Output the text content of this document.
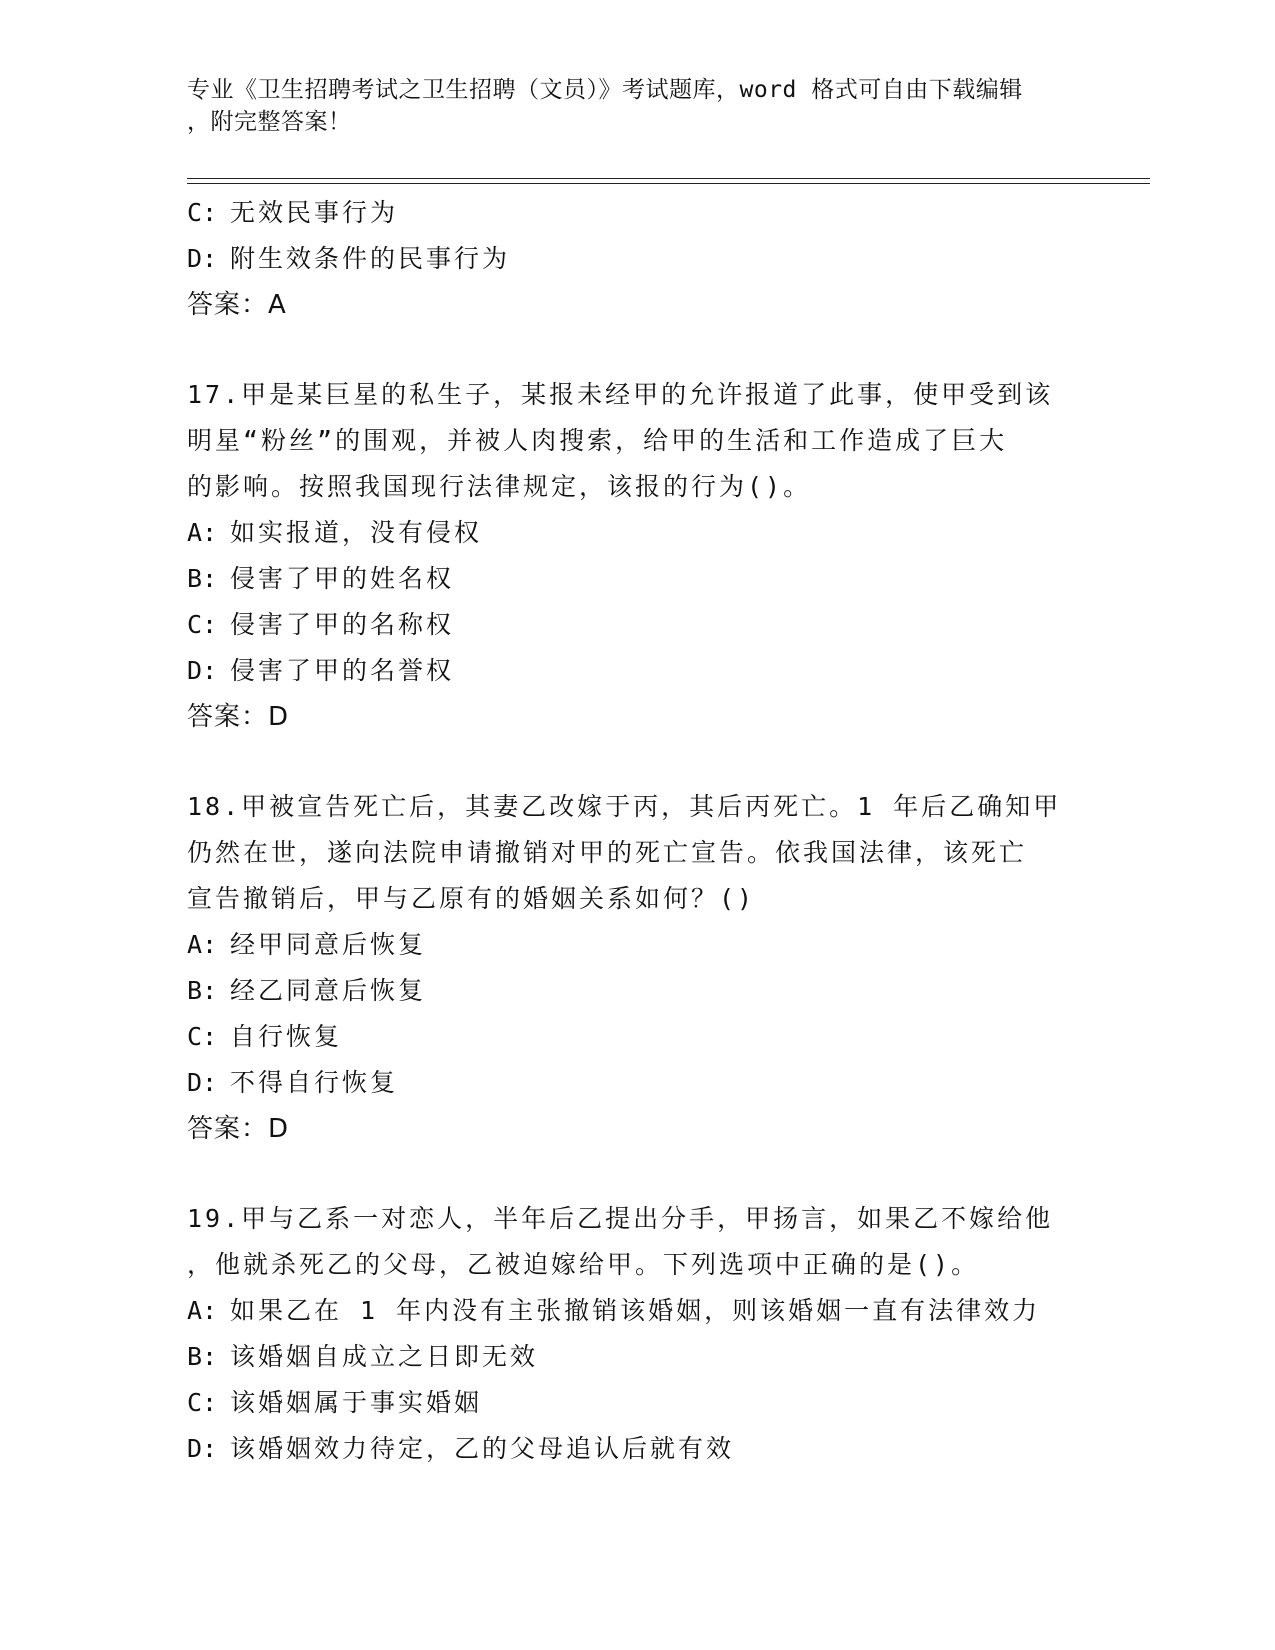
专业《卫生招聘考试之卫生招聘（文员）》考试题库，word 格式可自由下载编辑
，附完整答案！
C: 无效民事行为
D: 附生效条件的民事行为
答案：A
17.甲是某巨星的私生子，某报未经甲的允许报道了此事，使甲受到该
明星“粉丝”的围观，并被人肉搜索，给甲的生活和工作造成了巨大
的影响。按照我国现行法律规定，该报的行为()。
A: 如实报道，没有侵权
B: 侵害了甲的姓名权
C: 侵害了甲的名称权
D: 侵害了甲的名誉权
答案：D
18.甲被宣告死亡后，其妻乙改嫁于丙，其后丙死亡。1 年后乙确知甲
仍然在世，遂向法院申请撤销对甲的死亡宣告。依我国法律，该死亡
宣告撤销后，甲与乙原有的婚姻关系如何？()
A: 经甲同意后恢复
B: 经乙同意后恢复
C: 自行恢复
D: 不得自行恢复
答案：D
19.甲与乙系一对恋人，半年后乙提出分手，甲扬言，如果乙不嫁给他
，他就杀死乙的父母，乙被迫嫁给甲。下列选项中正确的是()。
A: 如果乙在 1 年内没有主张撤销该婚姻，则该婚姻一直有法律效力
B: 该婚姻自成立之日即无效
C: 该婚姻属于事实婚姻
D: 该婚姻效力待定，乙的父母追认后就有效
